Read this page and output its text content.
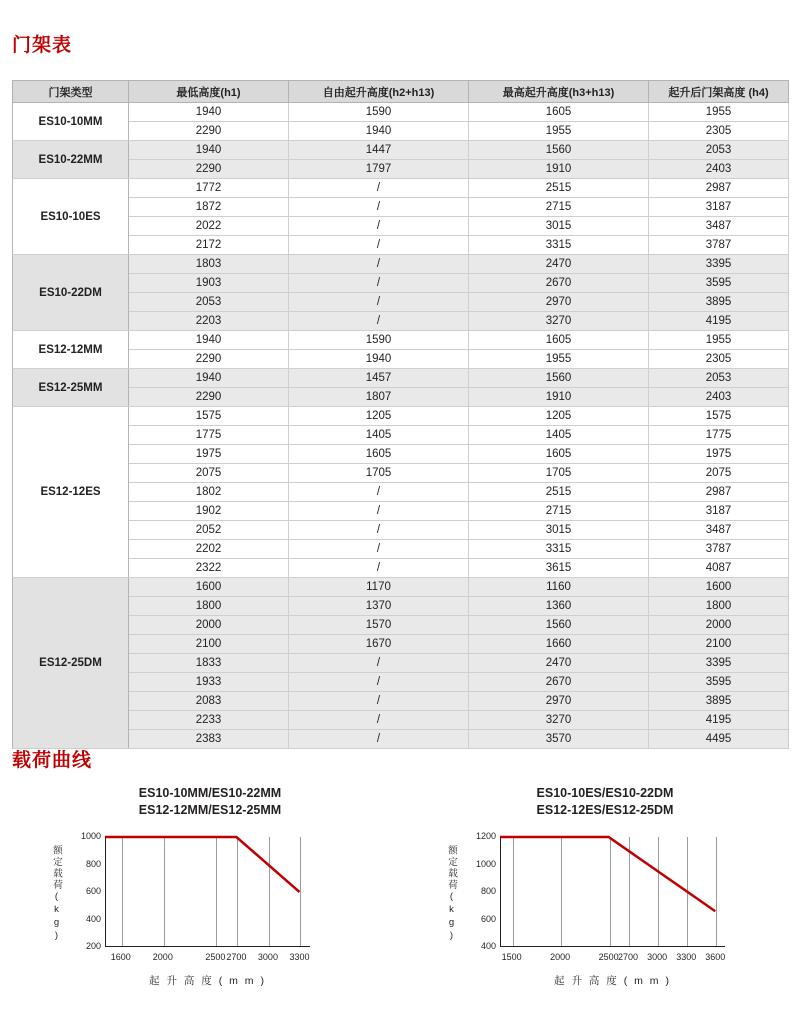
门架表
门架类型	最低高度(h1)	自由起升高度(h2+h13)	最高起升高度(h3+h13)	起升后门架高度 (h4)
ES10-10MM	1940	1590	1605	1955
	2290	1940	1955	2305
ES10-22MM	1940	1447	1560	2053
	2290	1797	1910	2403
ES10-10ES	1772	/	2515	2987
	1872	/	2715	3187
	2022	/	3015	3487
	2172	/	3315	3787
ES10-22DM	1803	/	2470	3395
	1903	/	2670	3595
	2053	/	2970	3895
	2203	/	3270	4195
ES12-12MM	1940	1590	1605	1955
	2290	1940	1955	2305
ES12-25MM	1940	1457	1560	2053
	2290	1807	1910	2403
ES12-12ES	1575	1205	1205	1575
	1775	1405	1405	1775
	1975	1605	1605	1975
	2075	1705	1705	2075
	1802	/	2515	2987
	1902	/	2715	3187
	2052	/	3015	3487
	2202	/	3315	3787
	2322	/	3615	4087
ES12-25DM	1600	1170	1160	1600
	1800	1370	1360	1800
	2000	1570	1560	2000
	2100	1670	1660	2100
	1833	/	2470	3395
	1933	/	2670	3595
	2083	/	2970	3895
	2233	/	3270	4195
	2383	/	3570	4495
载荷曲线
ES10-10MM/ES10-22MM
ES12-12MM/ES12-25MM
1600	2000	2500 2700	3000	3300
200
400
600
800
1000
额定载荷(kg)
起 升 高 度 ( m m )
ES10-10ES/ES10-22DM
ES12-12ES/ES12-25DM
1500	2000	2500 2700	3000	3300	3600
400
600
800
1000
1200
额定载荷(kg)
起 升 高 度 ( m m )
